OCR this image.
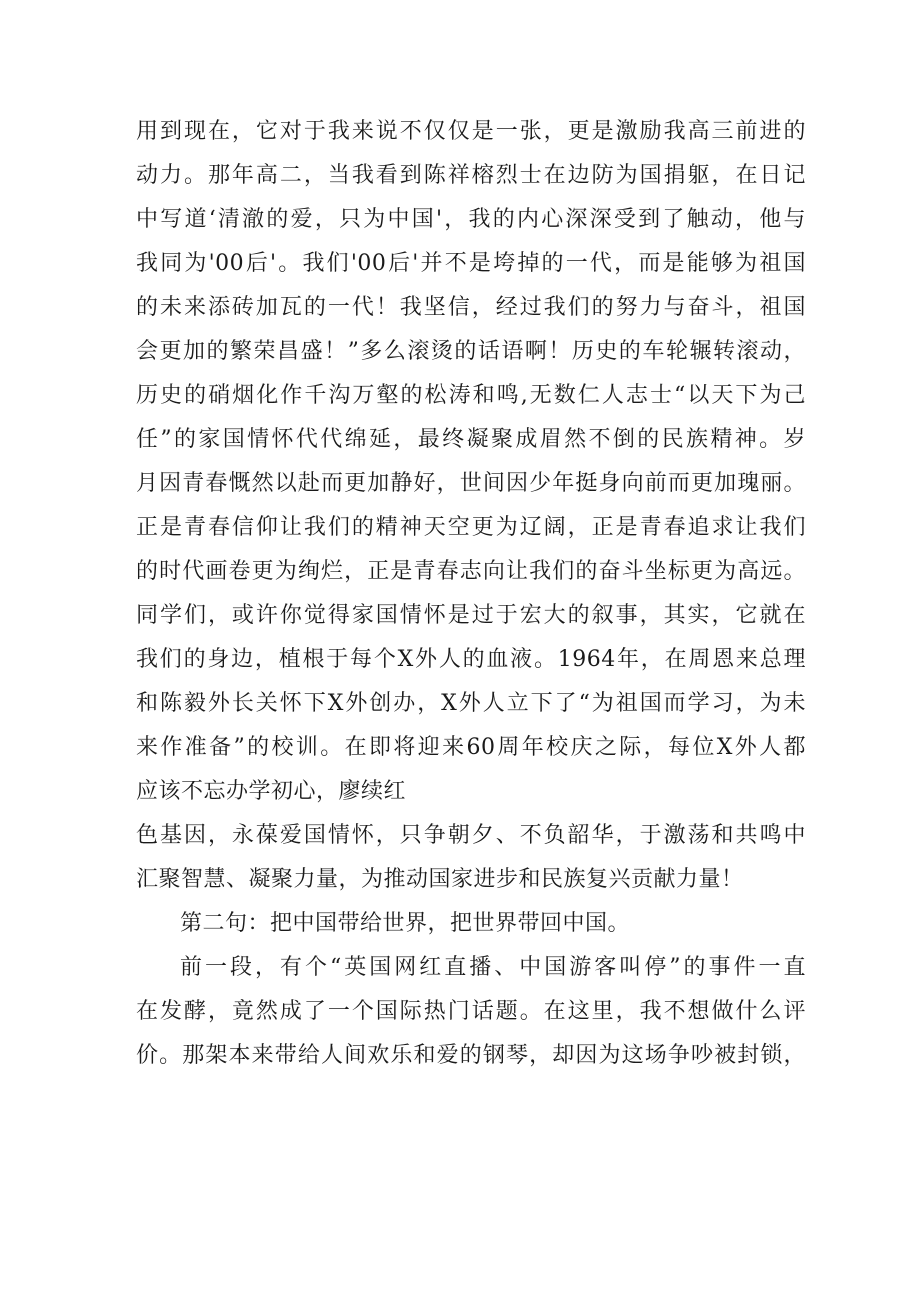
用到现在，它对于我来说不仅仅是一张，更是激励我高三前进的
动力。那年高二，当我看到陈祥榕烈士在边防为国捐躯，在日记
中写道‘清澈的爱，只为中国'，我的内心深深受到了触动，他与
我同为'00后'。我们'00后'并不是垮掉的一代，而是能够为祖国
的未来添砖加瓦的一代！我坚信，经过我们的努力与奋斗，祖国
会更加的繁荣昌盛！”多么滚烫的话语啊！历史的车轮辗转滚动，
历史的硝烟化作千沟万壑的松涛和鸣,无数仁人志士“以天下为己
任”的家国情怀代代绵延，最终凝聚成眉然不倒的民族精神。岁
月因青春慨然以赴而更加静好，世间因少年挺身向前而更加瑰丽。
正是青春信仰让我们的精神天空更为辽阔，正是青春追求让我们
的时代画卷更为绚烂，正是青春志向让我们的奋斗坐标更为高远。
同学们，或许你觉得家国情怀是过于宏大的叙事，其实，它就在
我们的身边，植根于每个X外人的血液。1964年，在周恩来总理
和陈毅外长关怀下X外创办，X外人立下了“为祖国而学习，为未
来作准备”的校训。在即将迎来60周年校庆之际，每位X外人都
应该不忘办学初心，廖续红
色基因，永葆爱国情怀，只争朝夕、不负韶华，于激荡和共鸣中
汇聚智慧、凝聚力量，为推动国家进步和民族复兴贡献力量！
第二句：把中国带给世界，把世界带回中国。
前一段，有个“英国网红直播、中国游客叫停”的事件一直
在发酵，竟然成了一个国际热门话题。在这里，我不想做什么评
价。那架本来带给人间欢乐和爱的钢琴，却因为这场争吵被封锁，
